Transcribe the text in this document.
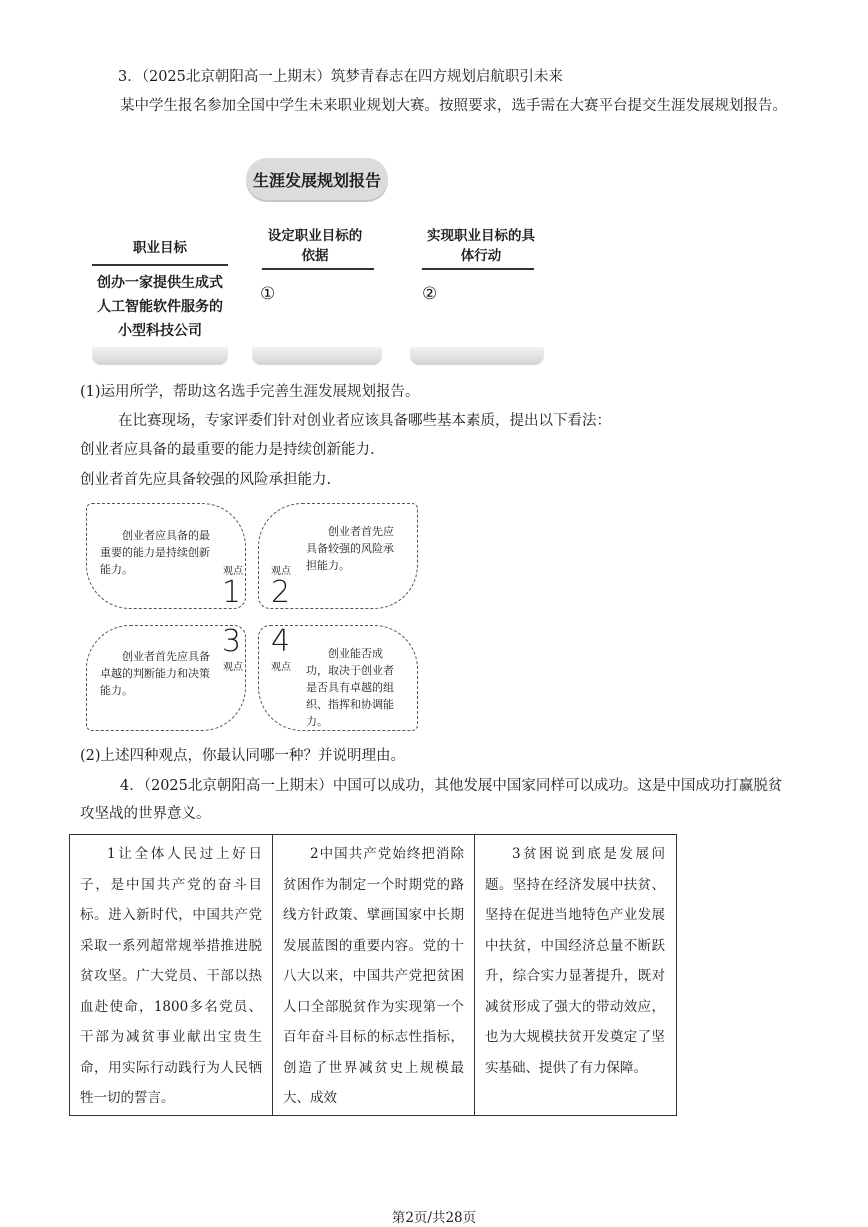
3．（2025北京朝阳高一上期末）筑梦青春志在四方规划启航职引未来
某中学生报名参加全国中学生未来职业规划大赛。按照要求，选手需在大赛平台提交生涯发展规划报告。
生涯发展规划报告
职业目标
创办一家提供生成式人工智能软件服务的小型科技公司
设定职业目标的依据
①
实现职业目标的具体行动
②
(1)运用所学，帮助这名选手完善生涯发展规划报告。
在比赛现场，专家评委们针对创业者应该具备哪些基本素质，提出以下看法：
创业者应具备的最重要的能力是持续创新能力.
创业者首先应具备较强的风险承担能力.
创业者应具备的最重要的能力是持续创新能力。	观点
1
创业者首先应具备较强的风险承担能力。
观点
2
3
观点
创业者首先应具备卓越的判断能力和决策能力。
4
观点
创业能否成功，取决于创业者是否具有卓越的组织、指挥和协调能力。
(2)上述四种观点，你最认同哪一种？并说明理由。
4．（2025北京朝阳高一上期末）中国可以成功，其他发展中国家同样可以成功。这是中国成功打赢脱贫攻坚战的世界意义。
1让全体人民过上好日子，是中国共产党的奋斗目标。进入新时代，中国共产党采取一系列超常规举措推进脱贫攻坚。广大党员、干部以热血赴使命，1800多名党员、干部为减贫事业献出宝贵生命，用实际行动践行为人民牺牲一切的誓言。
2中国共产党始终把消除贫困作为制定一个时期党的路线方针政策、擘画国家中长期发展蓝图的重要内容。党的十八大以来，中国共产党把贫困人口全部脱贫作为实现第一个百年奋斗目标的标志性指标，创造了世界减贫史上规模最大、成效
3贫困说到底是发展问题。坚持在经济发展中扶贫、坚持在促进当地特色产业发展中扶贫，中国经济总量不断跃升，综合实力显著提升，既对减贫形成了强大的带动效应，也为大规模扶贫开发奠定了坚实基础、提供了有力保障。
第2页/共28页
